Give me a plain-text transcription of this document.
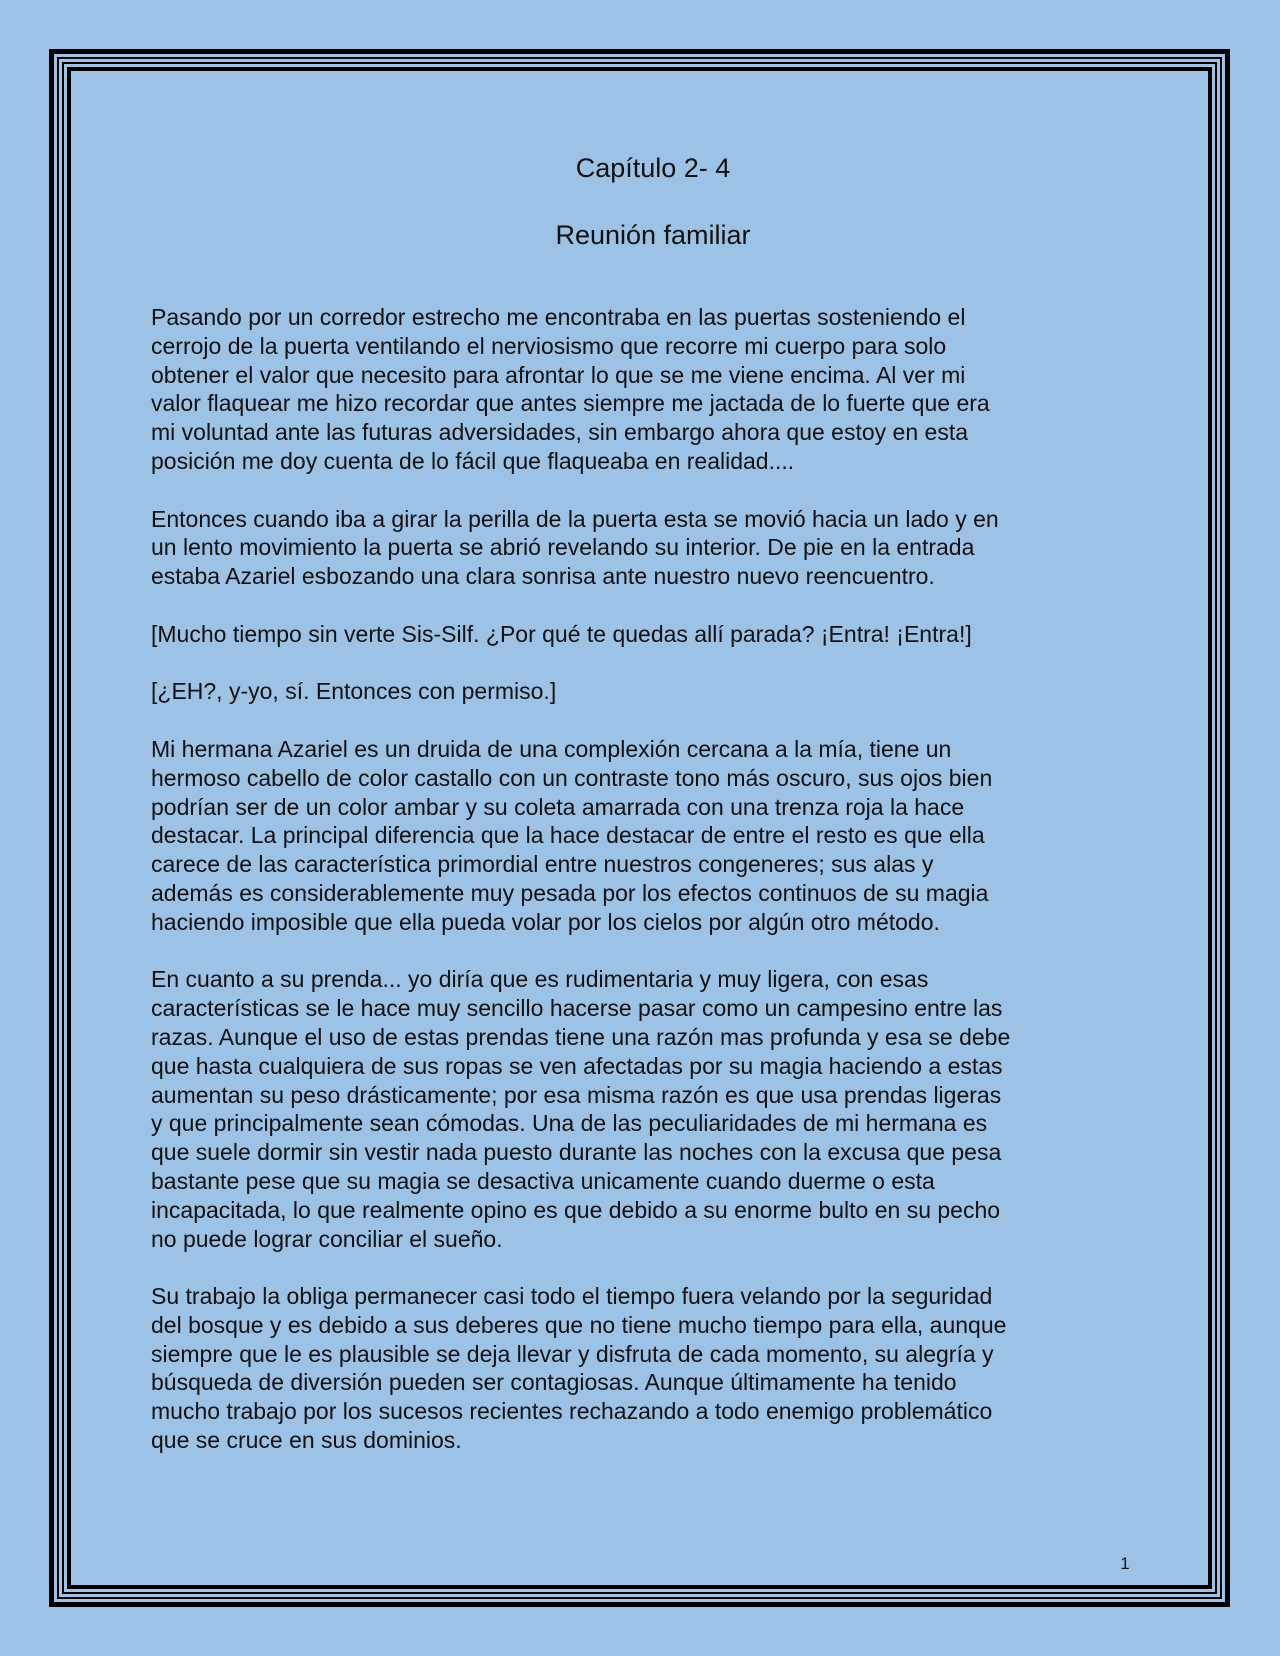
Capítulo 2- 4
Reunión familiar

Pasando por un corredor estrecho me encontraba en las puertas sosteniendo el
cerrojo de la puerta ventilando el nerviosismo que recorre mi cuerpo para solo
obtener el valor que necesito para afrontar lo que se me viene encima. Al ver mi
valor flaquear me hizo recordar que antes siempre me jactada de lo fuerte que era
mi voluntad ante las futuras adversidades, sin embargo ahora que estoy en esta
posición me doy cuenta de lo fácil que flaqueaba en realidad....

Entonces cuando iba a girar la perilla de la puerta esta se movió hacia un lado y en
un lento movimiento la puerta se abrió revelando su interior. De pie en la entrada
estaba Azariel esbozando una clara sonrisa ante nuestro nuevo reencuentro.

[Mucho tiempo sin verte Sis-Silf. ¿Por qué te quedas allí parada? ¡Entra! ¡Entra!]

[¿EH?, y-yo, sí. Entonces con permiso.]

Mi hermana Azariel es un druida de una complexión cercana a la mía, tiene un
hermoso cabello de color castallo con un contraste tono más oscuro, sus ojos bien
podrían ser de un color ambar y su coleta amarrada con una trenza roja la hace
destacar. La principal diferencia que la hace destacar de entre el resto es que ella
carece de las característica primordial entre nuestros congeneres; sus alas y
además es considerablemente muy pesada por los efectos continuos de su magia
haciendo imposible que ella pueda volar por los cielos por algún otro método.

En cuanto a su prenda... yo diría que es rudimentaria y muy ligera, con esas
características se le hace muy sencillo hacerse pasar como un campesino entre las
razas. Aunque el uso de estas prendas tiene una razón mas profunda y esa se debe
que hasta cualquiera de sus ropas se ven afectadas por su magia haciendo a estas
aumentan su peso drásticamente; por esa misma razón es que usa prendas ligeras
y que principalmente sean cómodas. Una de las peculiaridades de mi hermana es
que suele dormir sin vestir nada puesto durante las noches con la excusa que pesa
bastante pese que su magia se desactiva unicamente cuando duerme o esta
incapacitada, lo que realmente opino es que debido a su enorme bulto en su pecho
no puede lograr conciliar el sueño.

Su trabajo la obliga permanecer casi todo el tiempo fuera velando por la seguridad
del bosque y es debido a sus deberes que no tiene mucho tiempo para ella, aunque
siempre que le es plausible se deja llevar y disfruta de cada momento, su alegría y
búsqueda de diversión pueden ser contagiosas. Aunque últimamente ha tenido
mucho trabajo por los sucesos recientes rechazando a todo enemigo problemático
que se cruce en sus dominios.

1
